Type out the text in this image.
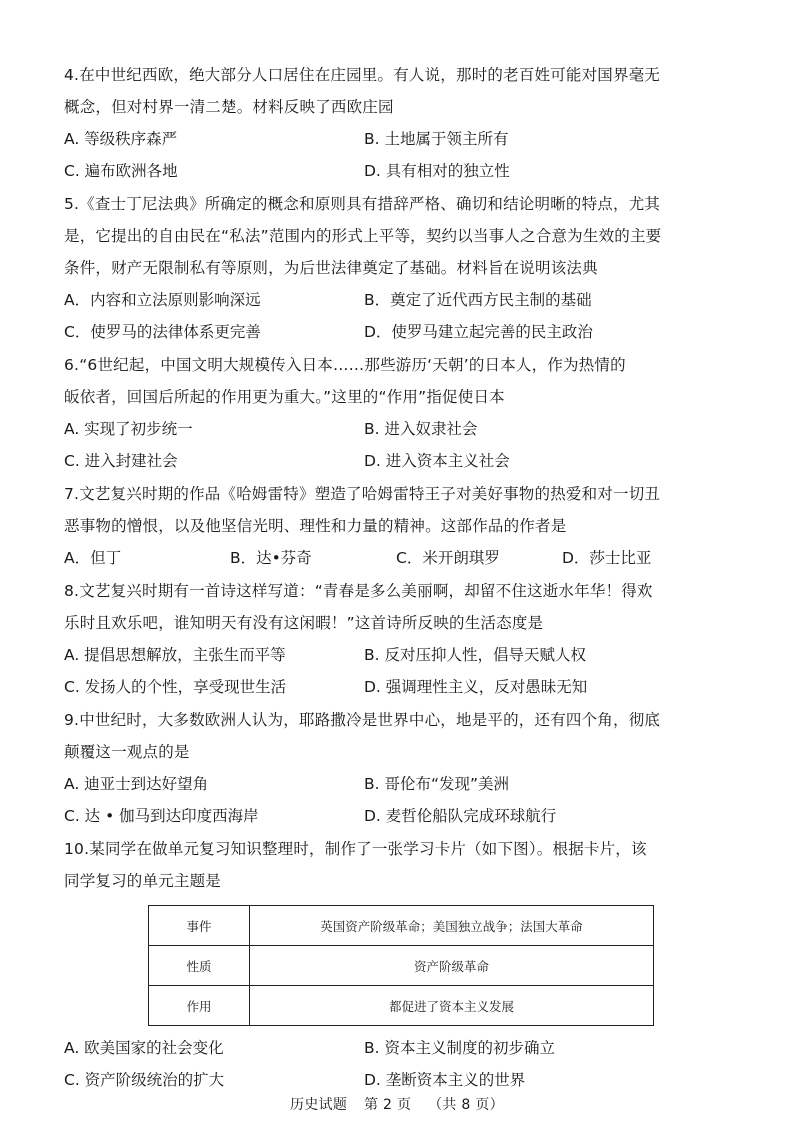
4.在中世纪西欧，绝大部分人口居住在庄园里。有人说，那时的老百姓可能对国界毫无
概念，但对村界一清二楚。材料反映了西欧庄园
A. 等级秩序森严	B. 土地属于领主所有
C. 遍布欧洲各地	D. 具有相对的独立性
5.《查士丁尼法典》所确定的概念和原则具有措辞严格、确切和结论明晰的特点，尤其
是，它提出的自由民在“私法”范围内的形式上平等，契约以当事人之合意为生效的主要
条件，财产无限制私有等原则，为后世法律奠定了基础。材料旨在说明该法典
A．内容和立法原则影响深远	B．奠定了近代西方民主制的基础
C．使罗马的法律体系更完善	D．使罗马建立起完善的民主政治
6.“6世纪起，中国文明大规模传入日本……那些游历‘天朝’的日本人，作为热情的
皈依者，回国后所起的作用更为重大。”这里的“作用”指促使日本
A. 实现了初步统一	B. 进入奴隶社会
C. 进入封建社会	D. 进入资本主义社会
7.文艺复兴时期的作品《哈姆雷特》塑造了哈姆雷特王子对美好事物的热爱和对一切丑
恶事物的憎恨，以及他坚信光明、理性和力量的精神。这部作品的作者是
A．但丁	B．达•芬奇	C．米开朗琪罗	D．莎士比亚
8.文艺复兴时期有一首诗这样写道：“青春是多么美丽啊，却留不住这逝水年华！得欢
乐时且欢乐吧，谁知明天有没有这闲暇！”这首诗所反映的生活态度是
A. 提倡思想解放，主张生而平等	B. 反对压抑人性，倡导天赋人权
C. 发扬人的个性，享受现世生活	D. 强调理性主义，反对愚昧无知
9.中世纪时，大多数欧洲人认为，耶路撒冷是世界中心，地是平的，还有四个角，彻底
颠覆这一观点的是
A. 迪亚士到达好望角	B. 哥伦布“发现”美洲
C. 达 • 伽马到达印度西海岸	D. 麦哲伦船队完成环球航行
10.某同学在做单元复习知识整理时，制作了一张学习卡片（如下图）。根据卡片，该
同学复习的单元主题是
事件	英国资产阶级革命；美国独立战争；法国大革命
性质	资产阶级革命
作用	都促进了资本主义发展
A. 欧美国家的社会变化	B. 资本主义制度的初步确立
C. 资产阶级统治的扩大	D. 垄断资本主义的世界
历史试题 第 2 页 （共 8 页）
